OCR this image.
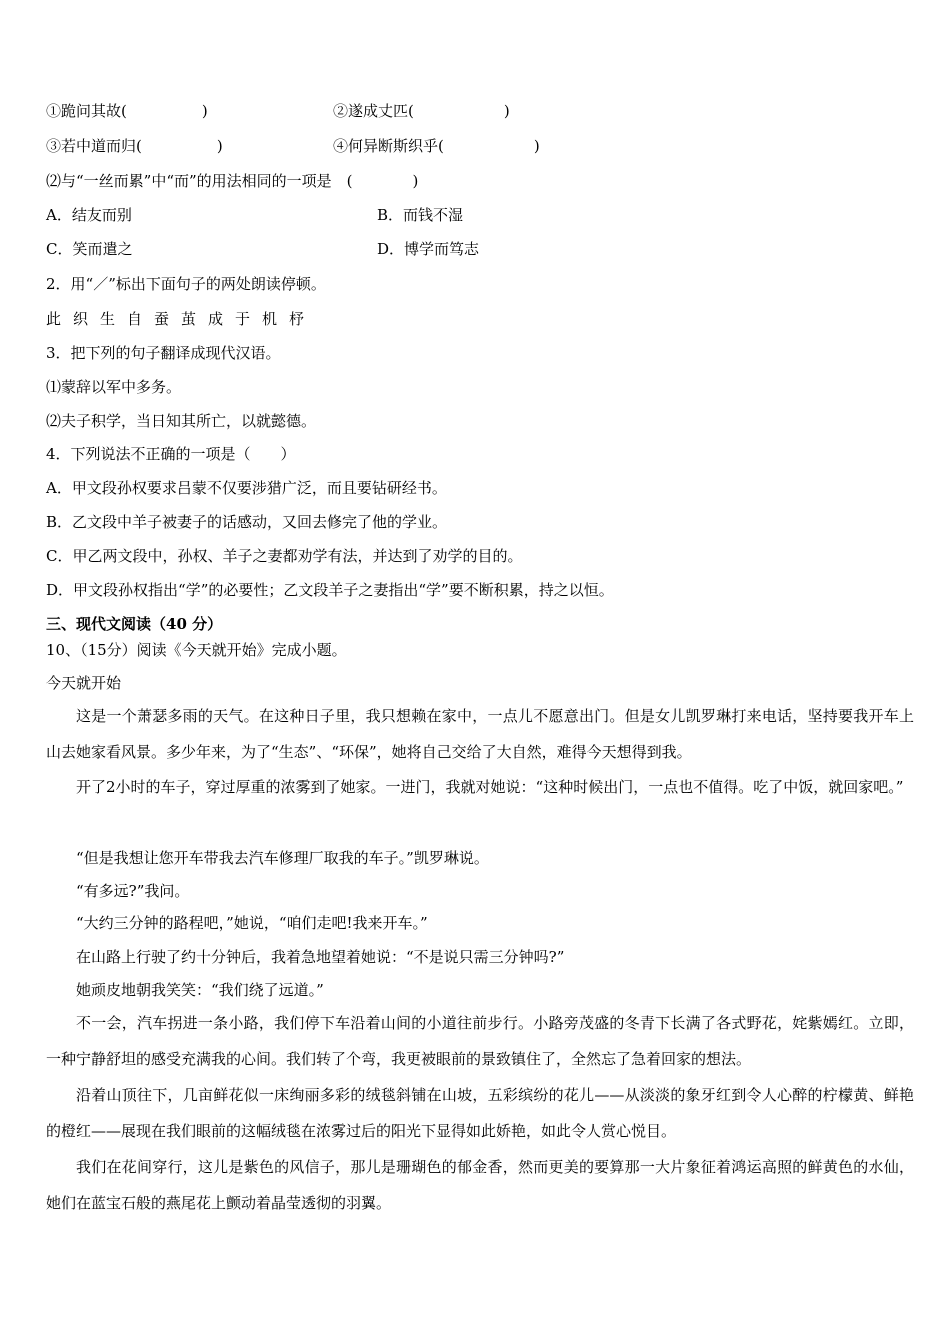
①跪问其故(　　　　　)	②遂成丈匹(　　　　　　)
③若中道而归(　　　　　)	④何异断斯织乎(　　　　　　)
⑵与“一丝而累”中“而”的用法相同的一项是　(　　　　)
A．结友而别	B．而钱不湿
C．笑而遣之	D．博学而笃志
2．用“／”标出下面句子的两处朗读停顿。
此织生自蚕茧成于机杼
3．把下列的句子翻译成现代汉语。
⑴蒙辞以军中多务。
⑵夫子积学，当日知其所亡，以就懿德。
4．下列说法不正确的一项是（　　）
A．甲文段孙权要求吕蒙不仅要涉猎广泛，而且要钻研经书。
B．乙文段中羊子被妻子的话感动，又回去修完了他的学业。
C．甲乙两文段中，孙权、羊子之妻都劝学有法，并达到了劝学的目的。
D．甲文段孙权指出“学”的必要性；乙文段羊子之妻指出“学”要不断积累，持之以恒。
三、现代文阅读（40 分）
10、（15分）阅读《今天就开始》完成小题。
今天就开始
这是一个萧瑟多雨的天气。在这种日子里，我只想赖在家中，一点儿不愿意出门。但是女儿凯罗琳打来电话，坚持要我开车上山去她家看风景。多少年来，为了“生态”、“环保”，她将自己交给了大自然，难得今天想得到我。
开了2小时的车子，穿过厚重的浓雾到了她家。一进门，我就对她说：“这种时候出门，一点也不值得。吃了中饭，就回家吧。”
“但是我想让您开车带我去汽车修理厂取我的车子。”凯罗琳说。
“有多远?”我问。
“大约三分钟的路程吧，”她说，“咱们走吧!我来开车。”
在山路上行驶了约十分钟后，我着急地望着她说：“不是说只需三分钟吗?”
她顽皮地朝我笑笑：“我们绕了远道。”
不一会，汽车拐进一条小路，我们停下车沿着山间的小道往前步行。小路旁茂盛的冬青下长满了各式野花，姹紫嫣红。立即，一种宁静舒坦的感受充满我的心间。我们转了个弯，我更被眼前的景致镇住了，全然忘了急着回家的想法。
沿着山顶往下，几亩鲜花似一床绚丽多彩的绒毯斜铺在山坡，五彩缤纷的花儿——从淡淡的象牙红到令人心醉的柠檬黄、鲜艳的橙红——展现在我们眼前的这幅绒毯在浓雾过后的阳光下显得如此娇艳，如此令人赏心悦目。
我们在花间穿行，这儿是紫色的风信子，那儿是珊瑚色的郁金香，然而更美的要算那一大片象征着鸿运高照的鲜黄色的水仙，她们在蓝宝石般的燕尾花上颤动着晶莹透彻的羽翼。
